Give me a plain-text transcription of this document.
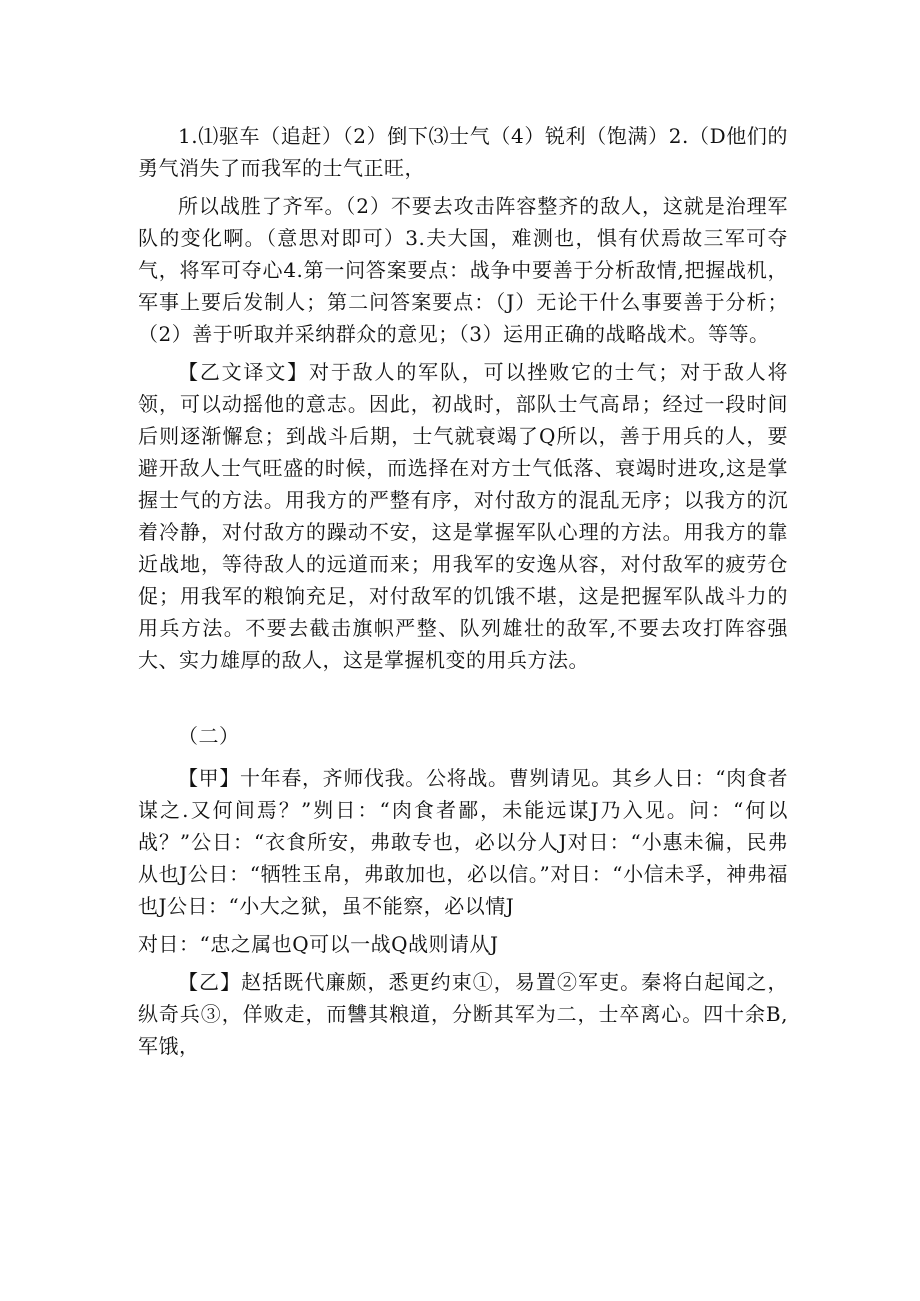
1.⑴驱车（追赶）（2）倒下⑶士气（4）锐利（饱满）2.（D他们的勇气消失了而我军的士气正旺，

所以战胜了齐军。（2）不要去攻击阵容整齐的敌人，这就是治理军队的变化啊。（意思对即可）3.夫大国，难测也，惧有伏焉故三军可夺气，将军可夺心4.第一问答案要点：战争中要善于分析敌情,把握战机，军事上要后发制人；第二问答案要点：（J）无论干什么事要善于分析；（2）善于听取并采纳群众的意见；（3）运用正确的战略战术。等等。

【乙文译文】对于敌人的军队，可以挫败它的士气；对于敌人将领，可以动摇他的意志。因此，初战时，部队士气高昂；经过一段时间后则逐渐懈怠；到战斗后期，士气就衰竭了Q所以，善于用兵的人，要避开敌人士气旺盛的时候，而选择在对方士气低落、衰竭时进攻,这是掌握士气的方法。用我方的严整有序，对付敌方的混乱无序；以我方的沉着冷静，对付敌方的躁动不安，这是掌握军队心理的方法。用我方的靠近战地，等待敌人的远道而来；用我军的安逸从容，对付敌军的疲劳仓促；用我军的粮饷充足，对付敌军的饥饿不堪，这是把握军队战斗力的用兵方法。不要去截击旗帜严整、队列雄壮的敌军,不要去攻打阵容强大、实力雄厚的敌人，这是掌握机变的用兵方法。

（二）

【甲】十年春，齐师伐我。公将战。曹刿请见。其乡人日：“肉食者谋之.又何间焉？”刿日：“肉食者鄙，未能远谋J乃入见。问：“何以战？”公日：“衣食所安，弗敢专也，必以分人J对日：“小惠未徧，民弗从也J公日：“牺牲玉帛，弗敢加也，必以信。”对日：“小信未孚，神弗福也J公日：“小大之狱，虽不能察，必以情J

对日：“忠之属也Q可以一战Q战则请从J

【乙】赵括既代廉颇，悉更约束①，易置②军吏。秦将白起闻之，纵奇兵③，佯败走，而讐其粮道，分断其军为二，士卒离心。四十余B,军饿，
